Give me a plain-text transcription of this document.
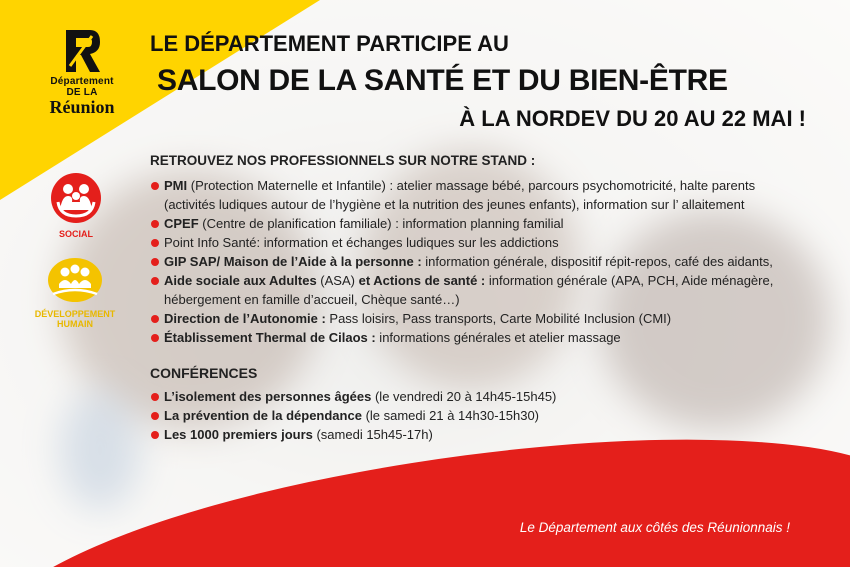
Département
DE LA
Réunion
LE DÉPARTEMENT PARTICIPE AU
SALON DE LA SANTÉ ET DU BIEN-ÊTRE
À LA NORDEV DU 20 AU 22 MAI !
SOCIAL
DÉVELOPPEMENT
HUMAIN
RETROUVEZ NOS PROFESSIONNELS SUR NOTRE STAND :
PMI (Protection Maternelle et Infantile) : atelier massage bébé, parcours psychomotricité, halte parents (activités ludiques autour de l’hygiène et la nutrition des jeunes enfants), information sur l’ allaitement
CPEF (Centre de planification familiale) : information planning familial
Point Info Santé: information et échanges ludiques sur les addictions
GIP SAP/ Maison de l’Aide à la personne : information générale, dispositif répit-repos, café des aidants,
Aide sociale aux Adultes (ASA) et Actions de santé : information générale (APA, PCH, Aide ménagère, hébergement en famille d’accueil, Chèque santé…)
Direction de l’Autonomie : Pass loisirs, Pass transports, Carte Mobilité Inclusion (CMI)
Établissement Thermal de Cilaos : informations générales et atelier massage
CONFÉRENCES
L’isolement des personnes âgées (le vendredi 20 à 14h45-15h45)
La prévention de la dépendance (le samedi 21 à 14h30-15h30)
Les 1000 premiers jours (samedi 15h45-17h)
Le Département aux côtés des Réunionnais !
